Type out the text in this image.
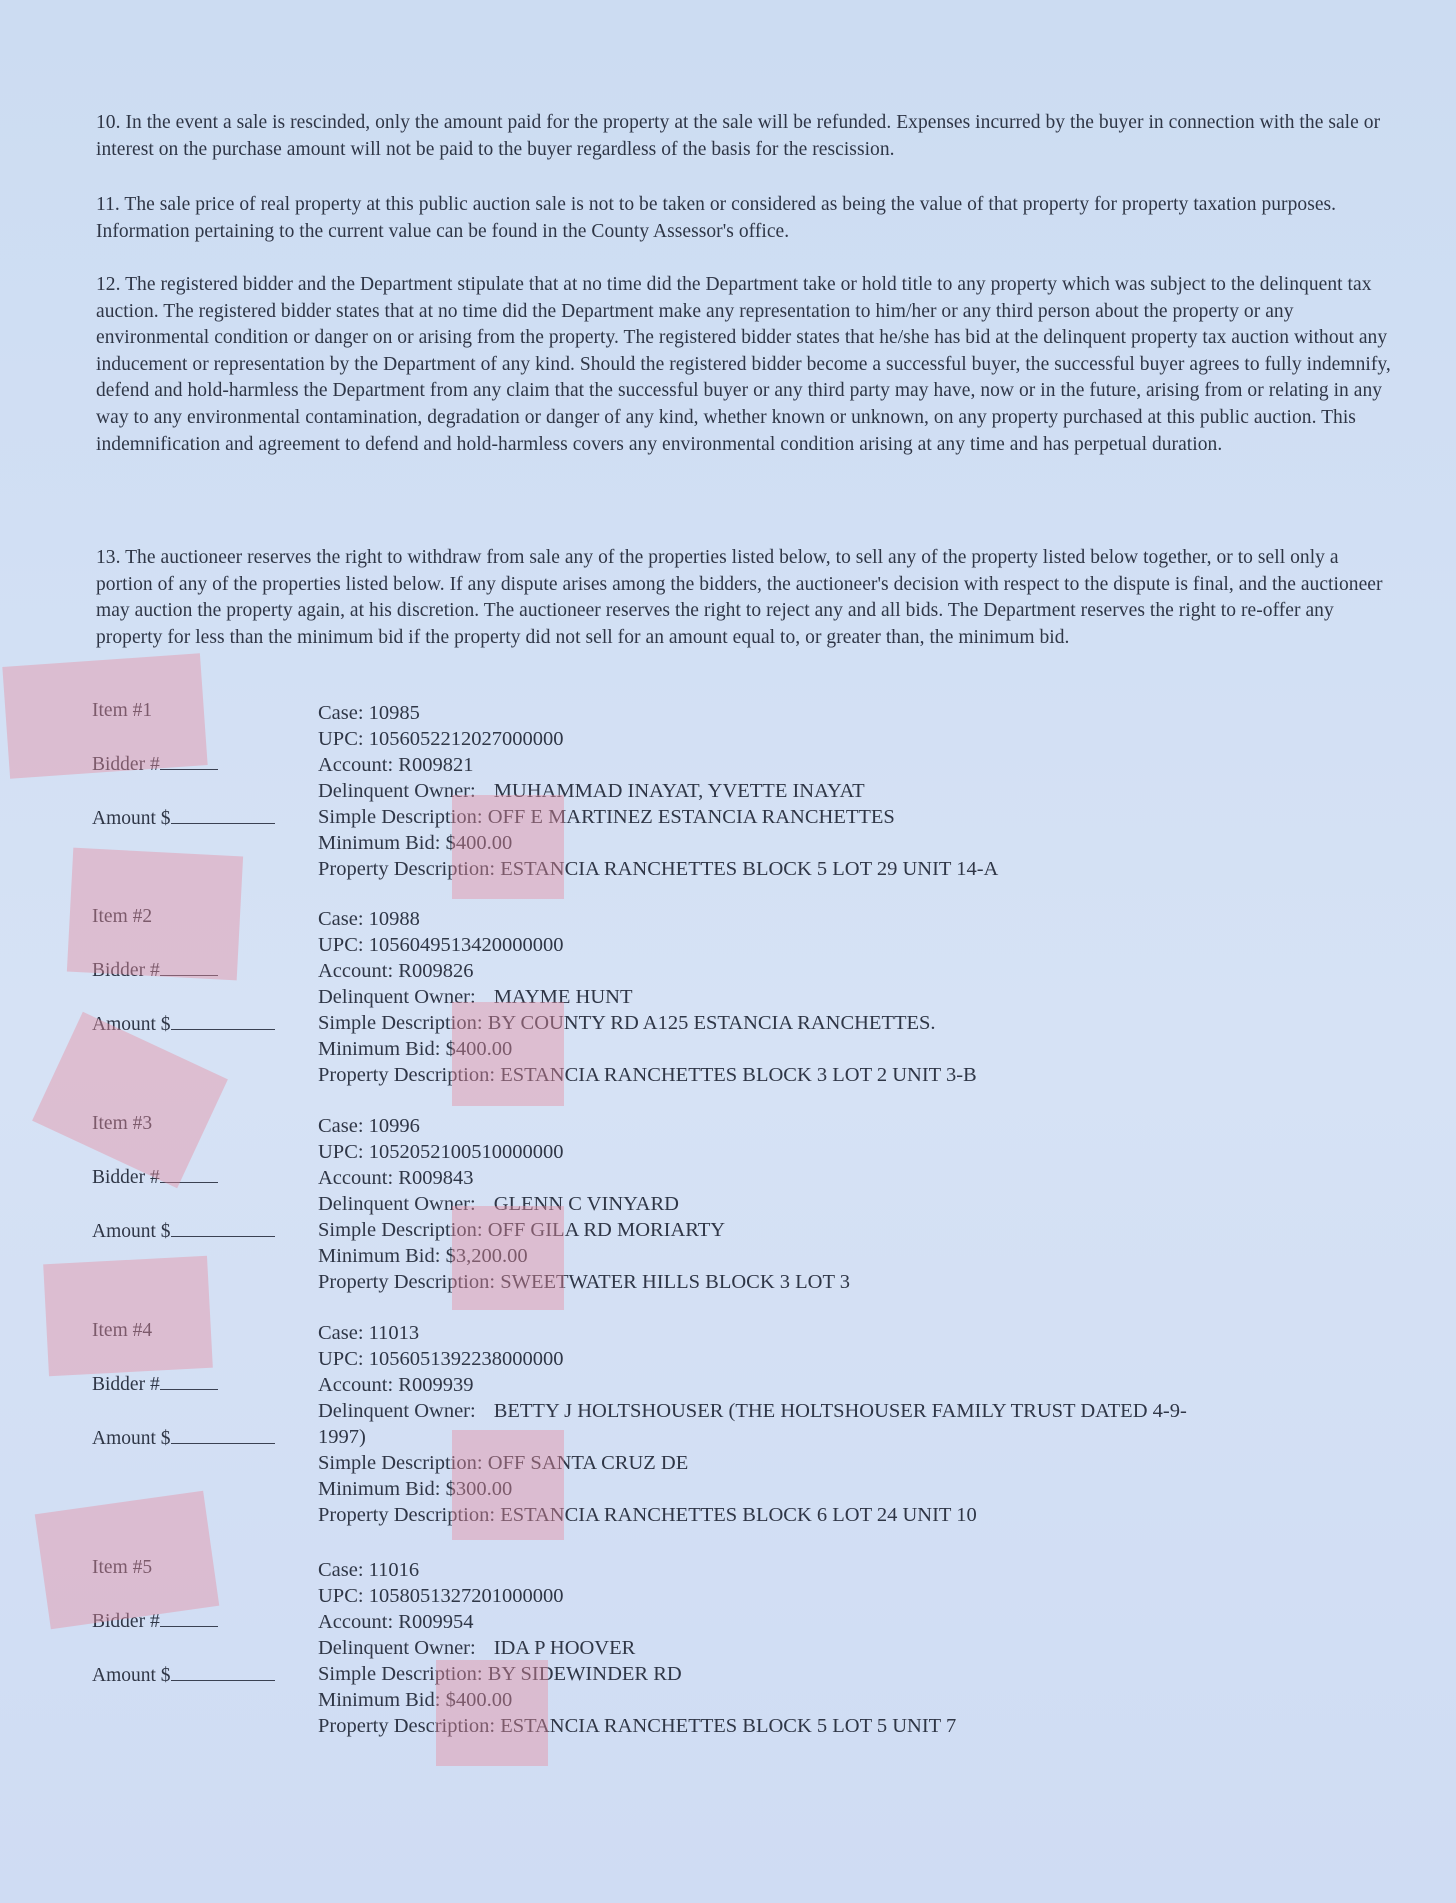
10. In the event a sale is rescinded, only the amount paid for the property at the sale will be refunded. Expenses incurred by the buyer in connection with the sale or interest on the purchase amount will not be paid to the buyer regardless of the basis for the rescission.

11. The sale price of real property at this public auction sale is not to be taken or considered as being the value of that property for property taxation purposes. Information pertaining to the current value can be found in the County Assessor's office.

12. The registered bidder and the Department stipulate that at no time did the Department take or hold title to any property which was subject to the delinquent tax auction. The registered bidder states that at no time did the Department make any representation to him/her or any third person about the property or any environmental condition or danger on or arising from the property. The registered bidder states that he/she has bid at the delinquent property tax auction without any inducement or representation by the Department of any kind. Should the registered bidder become a successful buyer, the successful buyer agrees to fully indemnify, defend and hold-harmless the Department from any claim that the successful buyer or any third party may have, now or in the future, arising from or relating in any way to any environmental contamination, degradation or danger of any kind, whether known or unknown, on any property purchased at this public auction. This indemnification and agreement to defend and hold-harmless covers any environmental condition arising at any time and has perpetual duration.

13. The auctioneer reserves the right to withdraw from sale any of the properties listed below, to sell any of the property listed below together, or to sell only a portion of any of the properties listed below. If any dispute arises among the bidders, the auctioneer's decision with respect to the dispute is final, and the auctioneer may auction the property again, at his discretion. The auctioneer reserves the right to reject any and all bids. The Department reserves the right to re-offer any property for less than the minimum bid if the property did not sell for an amount equal to, or greater than, the minimum bid.

Item #1
Bidder #
Amount $
Case: 10985
UPC: 1056052212027000000
Account: R009821
Delinquent Owner: MUHAMMAD INAYAT, YVETTE INAYAT
Simple Description: OFF E MARTINEZ ESTANCIA RANCHETTES
Minimum Bid: $400.00
Property Description: ESTANCIA RANCHETTES BLOCK 5 LOT 29 UNIT 14-A
Item #2
Bidder #
Amount $
Case: 10988
UPC: 1056049513420000000
Account: R009826
Delinquent Owner: MAYME HUNT
Simple Description: BY COUNTY RD A125 ESTANCIA RANCHETTES.
Minimum Bid: $400.00
Property Description: ESTANCIA RANCHETTES BLOCK 3 LOT 2 UNIT 3-B
Item #3
Bidder #
Amount $
Case: 10996
UPC: 1052052100510000000
Account: R009843
Delinquent Owner: GLENN C VINYARD
Simple Description: OFF GILA RD MORIARTY
Minimum Bid: $3,200.00
Property Description: SWEETWATER HILLS BLOCK 3 LOT 3
Item #4
Bidder #
Amount $
Case: 11013
UPC: 1056051392238000000
Account: R009939
Delinquent Owner: BETTY J HOLTSHOUSER (THE HOLTSHOUSER FAMILY TRUST DATED 4-9-
1997)
Simple Description: OFF SANTA CRUZ DE
Minimum Bid: $300.00
Property Description: ESTANCIA RANCHETTES BLOCK 6 LOT 24 UNIT 10
Item #5
Bidder #
Amount $
Case: 11016
UPC: 1058051327201000000
Account: R009954
Delinquent Owner: IDA P HOOVER
Simple Description: BY SIDEWINDER RD
Minimum Bid: $400.00
Property Description: ESTANCIA RANCHETTES BLOCK 5 LOT 5 UNIT 7
